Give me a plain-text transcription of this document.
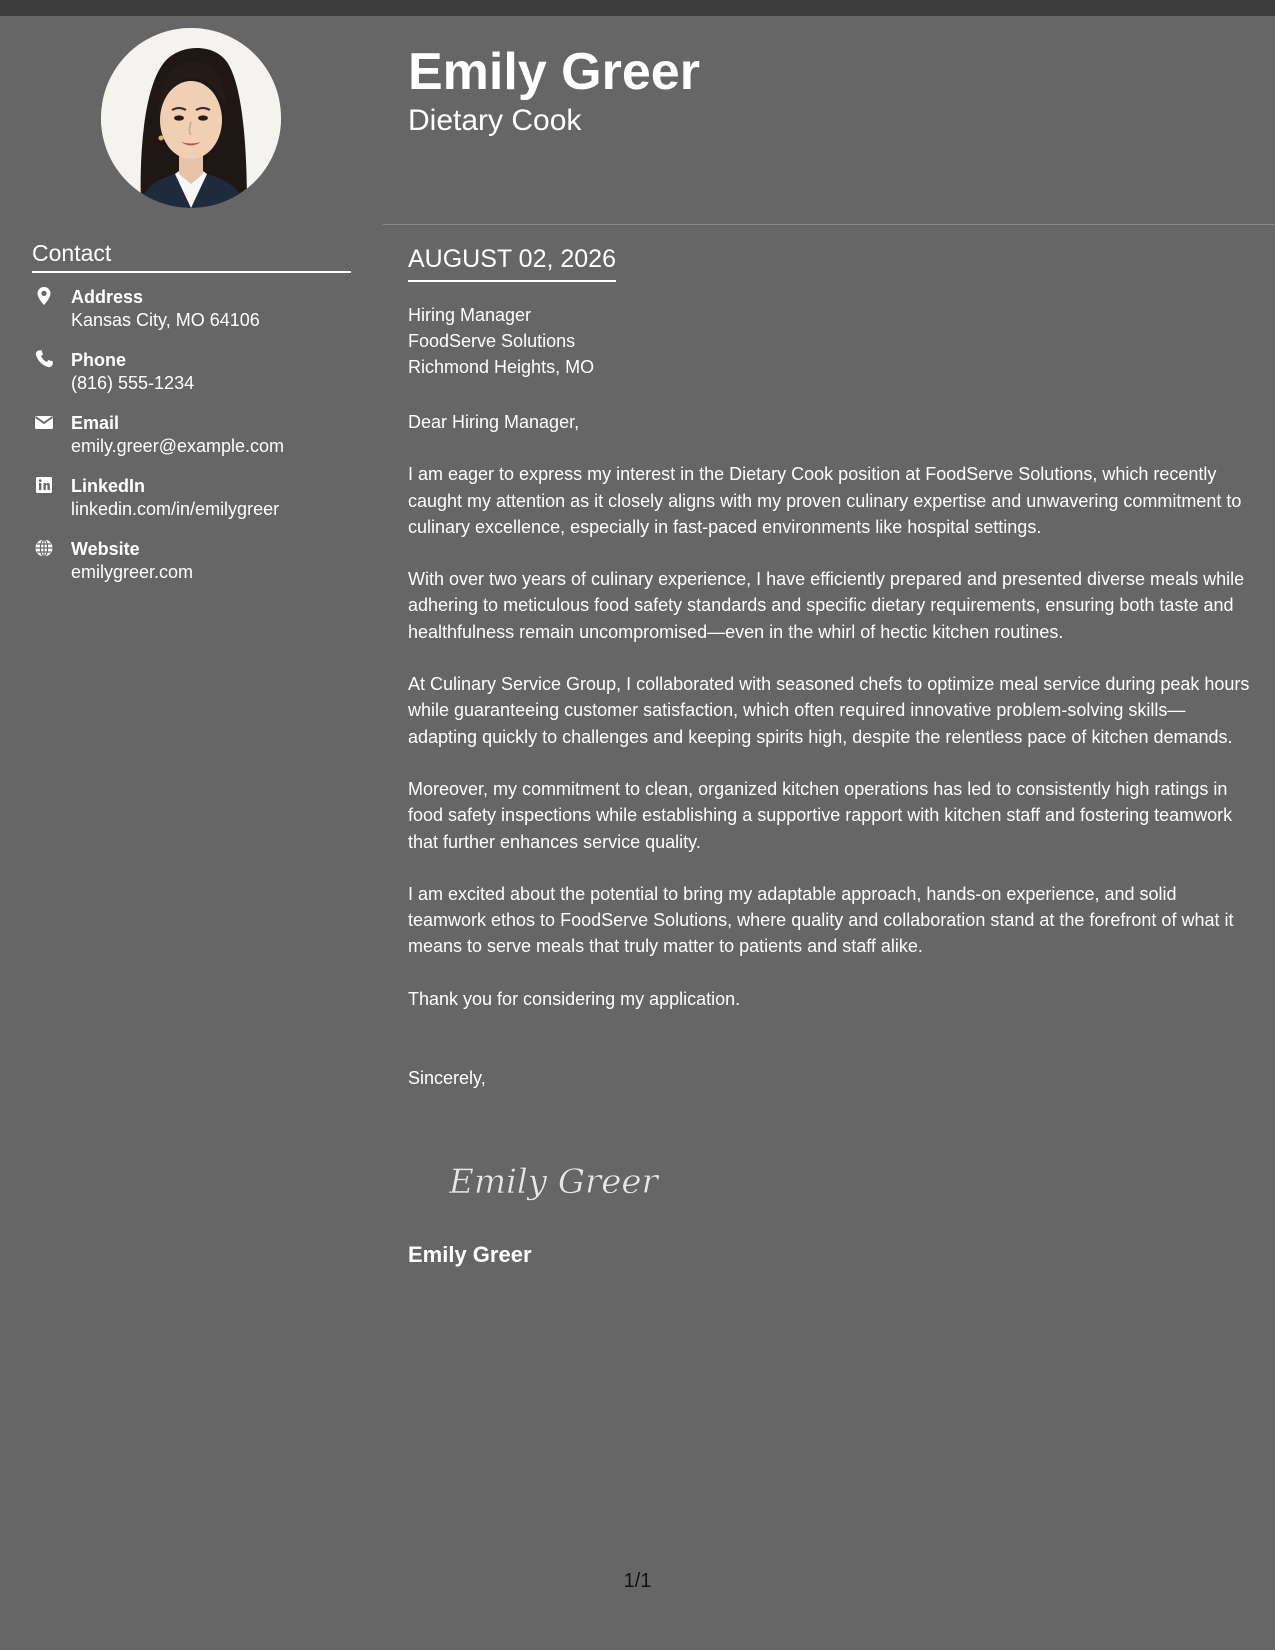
Contact
Address
Kansas City, MO 64106
Phone
(816) 555-1234
Email
emily.greer@example.com
LinkedIn
linkedin.com/in/emilygreer
Website
emilygreer.com
Emily Greer
Dietary Cook
AUGUST 02, 2026
Hiring Manager
FoodServe Solutions
Richmond Heights, MO

Dear Hiring Manager,

I am eager to express my interest in the Dietary Cook position at FoodServe Solutions, which recently caught my attention as it closely aligns with my proven culinary expertise and unwavering commitment to culinary excellence, especially in fast-paced environments like hospital settings.

With over two years of culinary experience, I have efficiently prepared and presented diverse meals while adhering to meticulous food safety standards and specific dietary requirements, ensuring both taste and healthfulness remain uncompromised—even in the whirl of hectic kitchen routines.

At Culinary Service Group, I collaborated with seasoned chefs to optimize meal service during peak hours while guaranteeing customer satisfaction, which often required innovative problem-solving skills—adapting quickly to challenges and keeping spirits high, despite the relentless pace of kitchen demands.

Moreover, my commitment to clean, organized kitchen operations has led to consistently high ratings in food safety inspections while establishing a supportive rapport with kitchen staff and fostering teamwork that further enhances service quality.

I am excited about the potential to bring my adaptable approach, hands-on experience, and solid teamwork ethos to FoodServe Solutions, where quality and collaboration stand at the forefront of what it means to serve meals that truly matter to patients and staff alike.

Thank you for considering my application.

Sincerely,

Emily Greer
Emily Greer
1/1
